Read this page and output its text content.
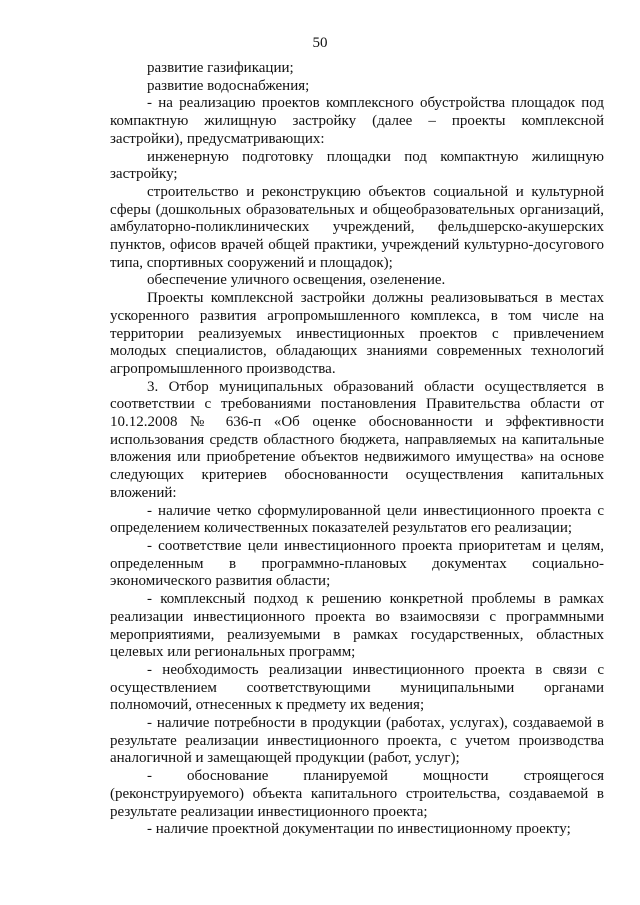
50

развитие газификации;

развитие водоснабжения;

- на реализацию проектов комплексного обустройства площадок под компактную жилищную застройку (далее – проекты комплексной застройки), предусматривающих:

инженерную подготовку площадки под компактную жилищную застройку;

строительство и реконструкцию объектов социальной и культурной сферы (дошкольных образовательных и общеобразовательных организаций, амбулаторно-поликлинических учреждений, фельдшерско-акушерских пунктов, офисов врачей общей практики, учреждений культурно-досугового типа, спортивных сооружений и площадок);

обеспечение уличного освещения, озеленение.

Проекты комплексной застройки должны реализовываться в местах ускоренного развития агропромышленного комплекса, в том числе на территории реализуемых инвестиционных проектов с привлечением молодых специалистов, обладающих знаниями современных технологий агропромышленного производства.

3. Отбор муниципальных образований области осуществляется в соответствии с требованиями постановления Правительства области от 10.12.2008 № 636-п «Об оценке обоснованности и эффективности использования средств областного бюджета, направляемых на капитальные вложения или приобретение объектов недвижимого имущества» на основе следующих критериев обоснованности осуществления капитальных вложений:

- наличие четко сформулированной цели инвестиционного проекта с определением количественных показателей результатов его реализации;

- соответствие цели инвестиционного проекта приоритетам и целям, определенным в программно-плановых документах социально-экономического развития области;

- комплексный подход к решению конкретной проблемы в рамках реализации инвестиционного проекта во взаимосвязи с программными мероприятиями, реализуемыми в рамках государственных, областных целевых или региональных программ;

- необходимость реализации инвестиционного проекта в связи с осуществлением соответствующими муниципальными органами полномочий, отнесенных к предмету их ведения;

- наличие потребности в продукции (работах, услугах), создаваемой в результате реализации инвестиционного проекта, с учетом производства аналогичной и замещающей продукции (работ, услуг);

- обоснование планируемой мощности строящегося (реконструируемого) объекта капитального строительства, создаваемой в результате реализации инвестиционного проекта;

- наличие проектной документации по инвестиционному проекту;
